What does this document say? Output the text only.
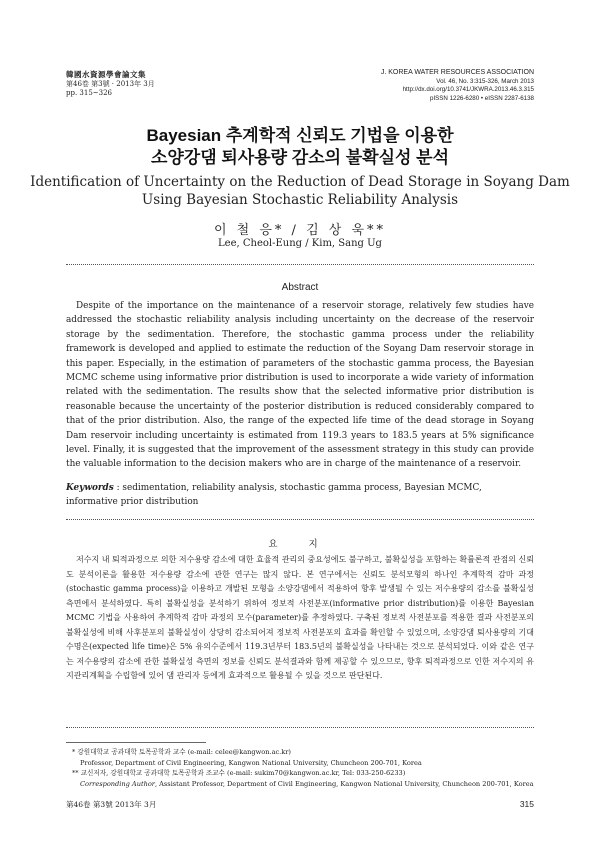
韓國水資源學會論文集
第46卷 第3號 · 2013年 3月
pp. 315~326
J. KOREA WATER RESOURCES ASSOCIATION
Vol. 46, No. 3:315-326, March 2013
http://dx.doi.org/10.3741/JKWRA.2013.46.3.315
pISSN 1226-6280 • eISSN 2287-6138
Bayesian 추계학적 신뢰도 기법을 이용한
소양강댐 퇴사용량 감소의 불확실성 분석
Identification of Uncertainty on the Reduction of Dead Storage in Soyang Dam
Using Bayesian Stochastic Reliability Analysis
이 철 응* / 김 상 욱**
Lee, Cheol-Eung / Kim, Sang Ug
Abstract
Despite of the importance on the maintenance of a reservoir storage, relatively few studies have addressed the stochastic reliability analysis including uncertainty on the decrease of the reservoir storage by the sedimentation. Therefore, the stochastic gamma process under the reliability framework is developed and applied to estimate the reduction of the Soyang Dam reservoir storage in this paper. Especially, in the estimation of parameters of the stochastic gamma process, the Bayesian MCMC scheme using informative prior distribution is used to incorporate a wide variety of information related with the sedimentation. The results show that the selected informative prior distribution is reasonable because the uncertainty of the posterior distribution is reduced considerably compared to that of the prior distribution. Also, the range of the expected life time of the dead storage in Soyang Dam reservoir including uncertainty is estimated from 119.3 years to 183.5 years at 5% significance level. Finally, it is suggested that the improvement of the assessment strategy in this study can provide the valuable information to the decision makers who are in charge of the maintenance of a reservoir.
Keywords : sedimentation, reliability analysis, stochastic gamma process, Bayesian MCMC, informative prior distribution
요 지
저수지 내 퇴적과정으로 의한 저수용량 감소에 대한 효율적 관리의 중요성에도 불구하고, 불확실성을 포함하는 확률론적 관점의 신뢰도 분석이론을 활용한 저수용량 감소에 관한 연구는 많지 않다. 본 연구에서는 신뢰도 분석모형의 하나인 추계학적 감마 과정(stochastic gamma process)을 이용하고 개발된 모형을 소양강댐에서 적용하여 향후 발생될 수 있는 저수용량의 감소를 불확실성 측면에서 분석하였다. 특히 불확실성을 분석하기 위하여 정보적 사전분포(informative prior distribution)를 이용한 Bayesian MCMC 기법을 사용하여 추계학적 감마 과정의 모수(parameter)를 추정하였다. 구축된 정보적 사전분포를 적용한 결과 사전분포의 불확실성에 비해 사후분포의 불확실성이 상당히 감소되어져 정보적 사전분포의 효과를 확인할 수 있었으며, 소양강댐 퇴사용량의 기대 수명은(expected life time)은 5% 유의수준에서 119.3년부터 183.5년의 불확실성을 나타내는 것으로 분석되었다. 이와 같은 연구는 저수용량의 감소에 관한 불확실성 측면의 정보를 신뢰도 분석결과와 함께 제공할 수 있으므로, 향후 퇴적과정으로 인한 저수지의 유지관리계획을 수립함에 있어 댐 관리자 등에게 효과적으로 활용될 수 있을 것으로 판단된다.
* 강원대학교 공과대학 토목공학과 교수 (e-mail: celee@kangwon.ac.kr)
Professor, Department of Civil Engineering, Kangwon National University, Chuncheon 200-701, Korea
** 교신저자, 강원대학교 공과대학 토목공학과 조교수 (e-mail: sukim70@kangwon.ac.kr, Tel: 033-250-6233)
Corresponding Author, Assistant Professor, Department of Civil Engineering, Kangwon National University, Chuncheon 200-701, Korea
第46卷 第3號 2013年 3月	315
